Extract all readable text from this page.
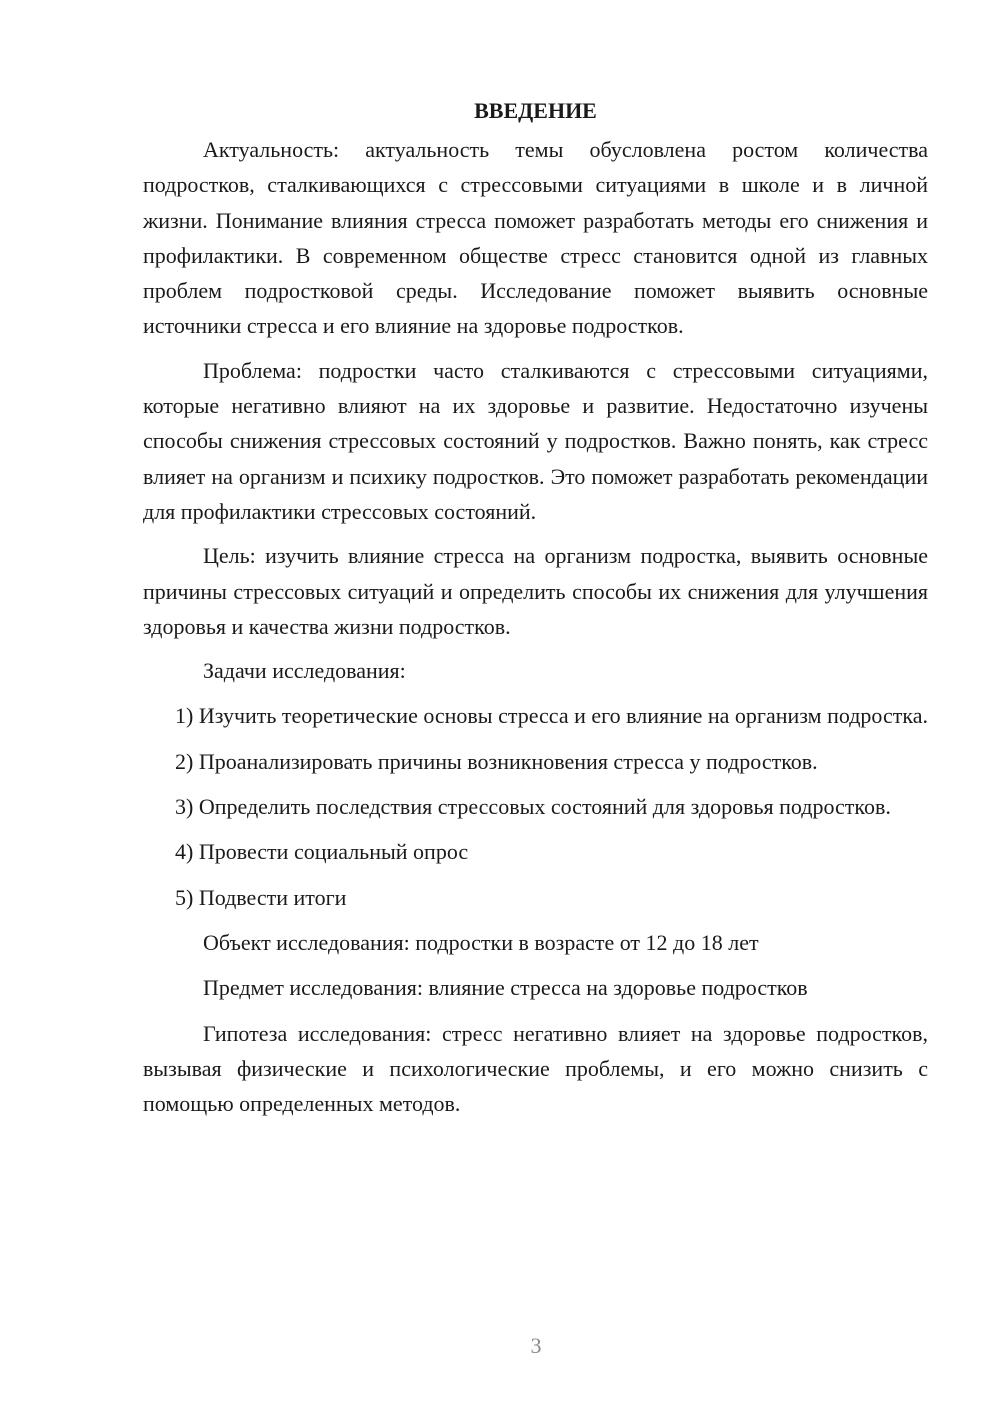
ВВЕДЕНИЕ

Актуальность: актуальность темы обусловлена ростом количества подростков, сталкивающихся с стрессовыми ситуациями в школе и в личной жизни. Понимание влияния стресса поможет разработать методы его снижения и профилактики. В современном обществе стресс становится одной из главных проблем подростковой среды. Исследование поможет выявить основные источники стресса и его влияние на здоровье подростков.

Проблема: подростки часто сталкиваются с стрессовыми ситуациями, которые негативно влияют на их здоровье и развитие. Недостаточно изучены способы снижения стрессовых состояний у подростков. Важно понять, как стресс влияет на организм и психику подростков. Это поможет разработать рекомендации для профилактики стрессовых состояний.

Цель: изучить влияние стресса на организм подростка, выявить основные причины стрессовых ситуаций и определить способы их снижения для улучшения здоровья и качества жизни подростков.

Задачи исследования:

1) Изучить теоретические основы стресса и его влияние на организм подростка.

2) Проанализировать причины возникновения стресса у подростков.

3) Определить последствия стрессовых состояний для здоровья подростков.

4) Провести социальный опрос

5) Подвести итоги

Объект исследования: подростки в возрасте от 12 до 18 лет

Предмет исследования: влияние стресса на здоровье подростков

Гипотеза исследования: стресс негативно влияет на здоровье подростков, вызывая физические и психологические проблемы, и его можно снизить с помощью определенных методов.

3
